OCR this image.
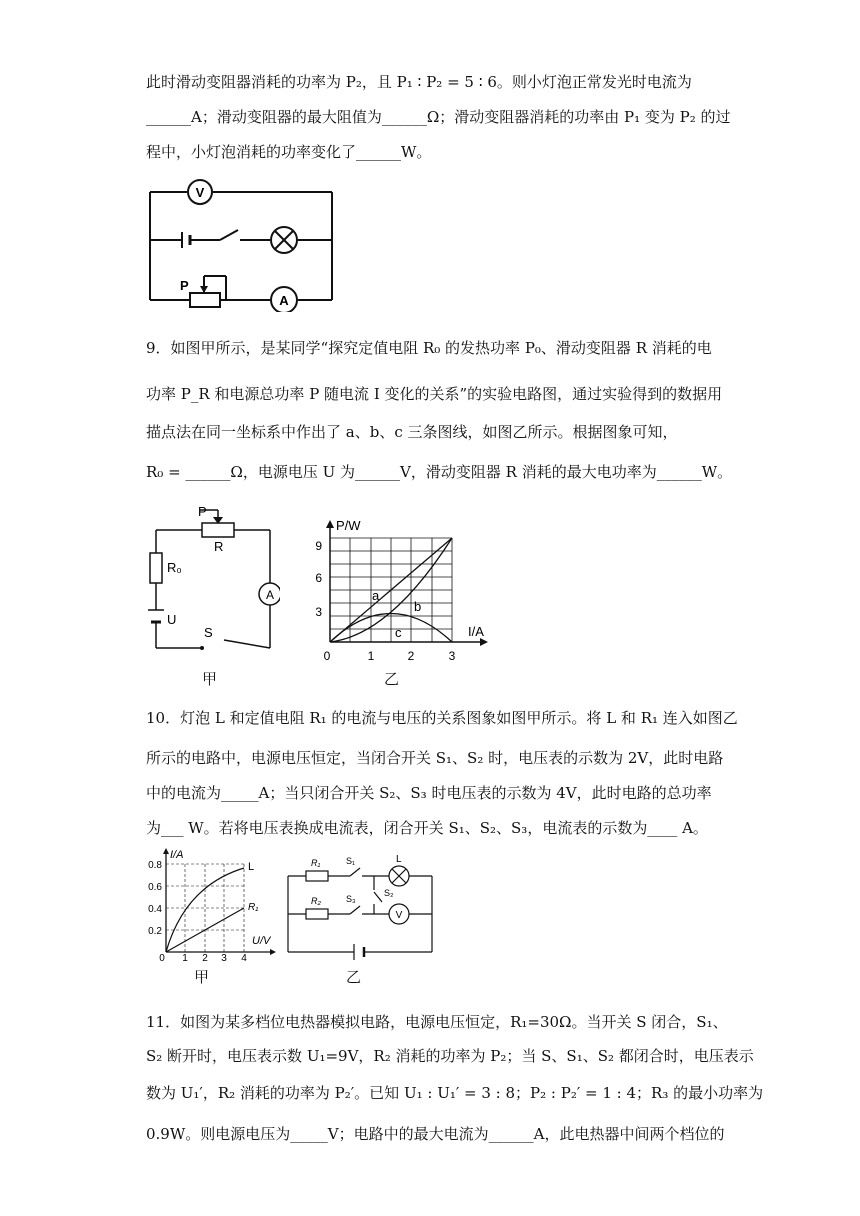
此时滑动变阻器消耗的功率为 P₂，且 P₁ ∶ P₂ = 5 ∶ 6。则小灯泡正常发光时电流为
______A；滑动变阻器的最大阻值为______Ω；滑动变阻器消耗的功率由 P₁ 变为 P₂ 的过
程中，小灯泡消耗的功率变化了______W。
V
P
A
9．如图甲所示，是某同学“探究定值电阻 R₀ 的发热功率 P₀、滑动变阻器 R 消耗的电
功率 P_R 和电源总功率 P 随电流 I 变化的关系”的实验电路图，通过实验得到的数据用
描点法在同一坐标系中作出了 a、b、c 三条图线，如图乙所示。根据图象可知，
R₀ = ______Ω，电源电压 U 为______V，滑动变阻器 R 消耗的最大电功率为______W。
P
R
R₀
U
S
A
甲
P/W
I/A
3
6
9
0	1	2	3
a
b
c
乙
10．灯泡 L 和定值电阻 R₁ 的电流与电压的关系图象如图甲所示。将 L 和 R₁ 连入如图乙
所示的电路中，电源电压恒定，当闭合开关 S₁、S₂ 时，电压表的示数为 2V，此时电路
中的电流为_____A；当只闭合开关 S₂、S₃ 时电压表的示数为 4V，此时电路的总功率
为___ W。若将电压表换成电流表，闭合开关 S₁、S₂、S₃，电流表的示数为____ A。
I/A
U/V
0.2
0.4
0.6
0.8
0 1 2 3 4
L
R₁
甲
R₁
R₂
S₁
S₃
S₂
L
V
乙
11．如图为某多档位电热器模拟电路，电源电压恒定，R₁=30Ω。当开关 S 闭合，S₁、
S₂ 断开时，电压表示数 U₁=9V，R₂ 消耗的功率为 P₂；当 S、S₁、S₂ 都闭合时，电压表示
数为 U₁′，R₂ 消耗的功率为 P₂′。已知 U₁ : U₁′ = 3 : 8；P₂ : P₂′ = 1 : 4；R₃ 的最小功率为
0.9W。则电源电压为_____V；电路中的最大电流为______A，此电热器中间两个档位的
